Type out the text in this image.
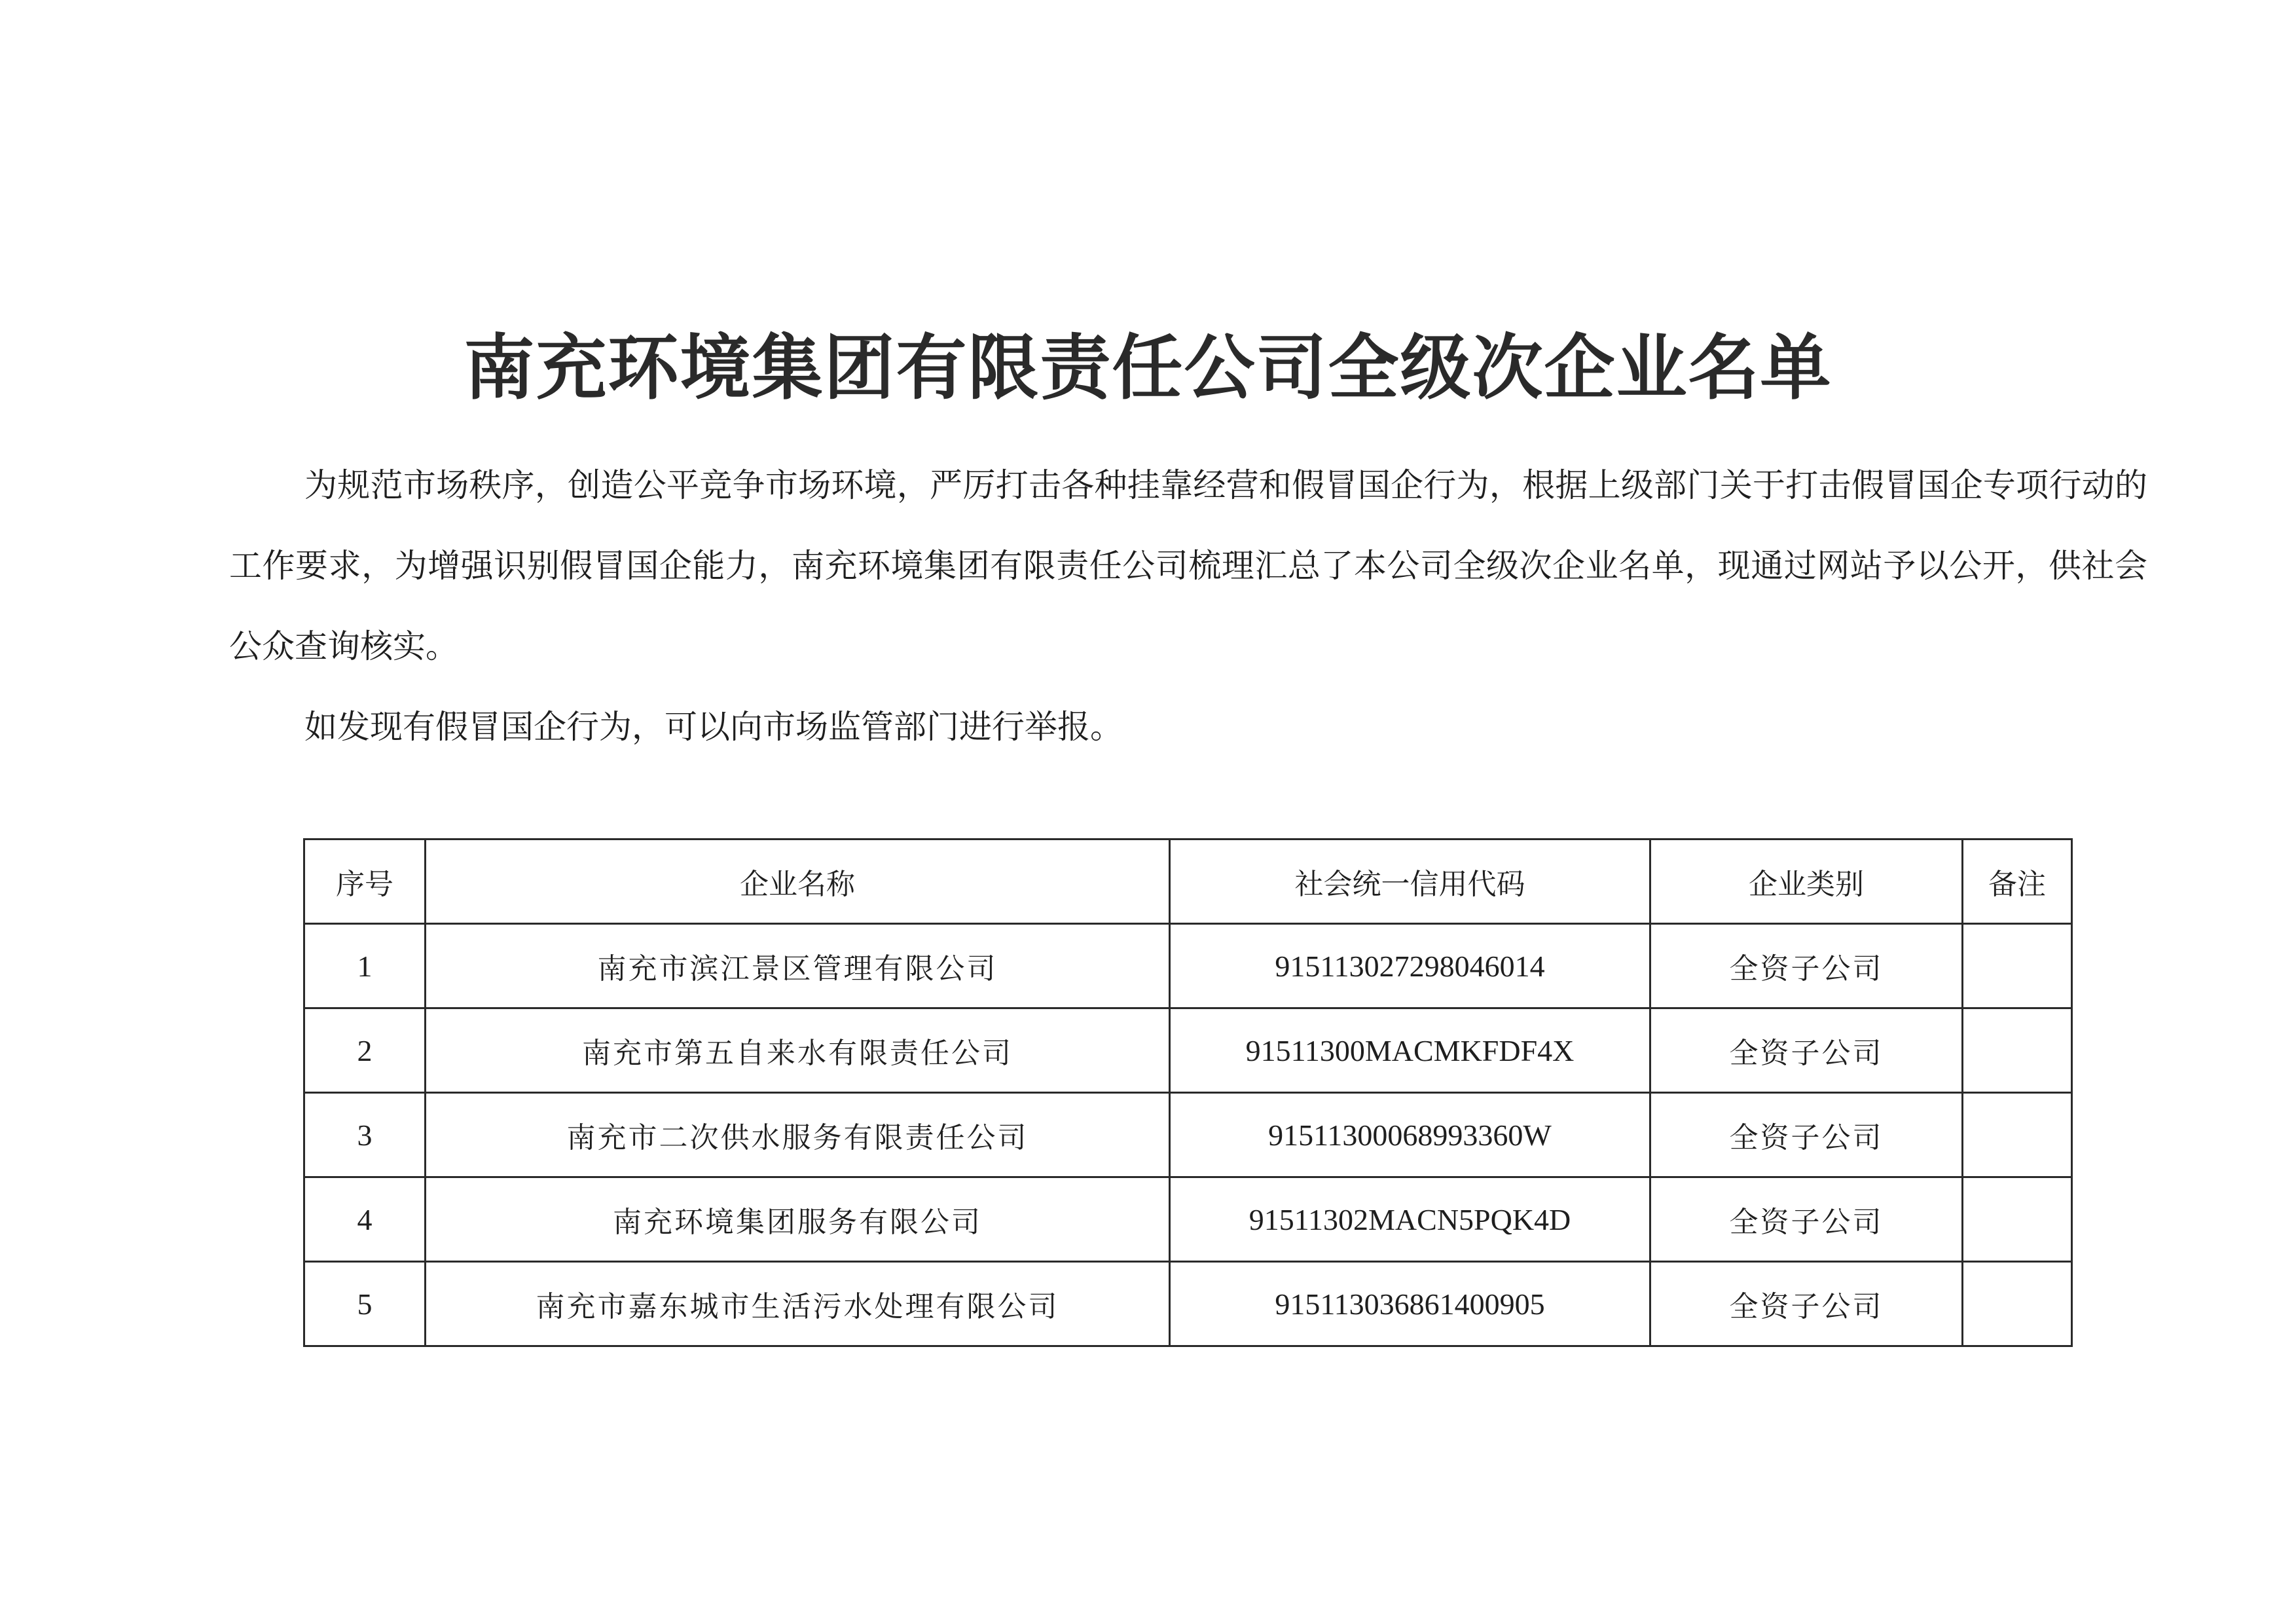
南充环境集团有限责任公司全级次企业名单

为规范市场秩序，创造公平竞争市场环境，严厉打击各种挂靠经营和假冒国企行为，根据上级部门关于打击假冒国企专项行动的工作要求，为增强识别假冒国企能力，南充环境集团有限责任公司梳理汇总了本公司全级次企业名单，现通过网站予以公开，供社会公众查询核实。

如发现有假冒国企行为，可以向市场监管部门进行举报。

序号	企业名称	社会统一信用代码	企业类别	备注
1	南充市滨江景区管理有限公司	915113027298046014	全资子公司	
2	南充市第五自来水有限责任公司	91511300MACMKFDF4X	全资子公司	
3	南充市二次供水服务有限责任公司	91511300068993360W	全资子公司	
4	南充环境集团服务有限公司	91511302MACN5PQK4D	全资子公司	
5	南充市嘉东城市生活污水处理有限公司	915113036861400905	全资子公司	
